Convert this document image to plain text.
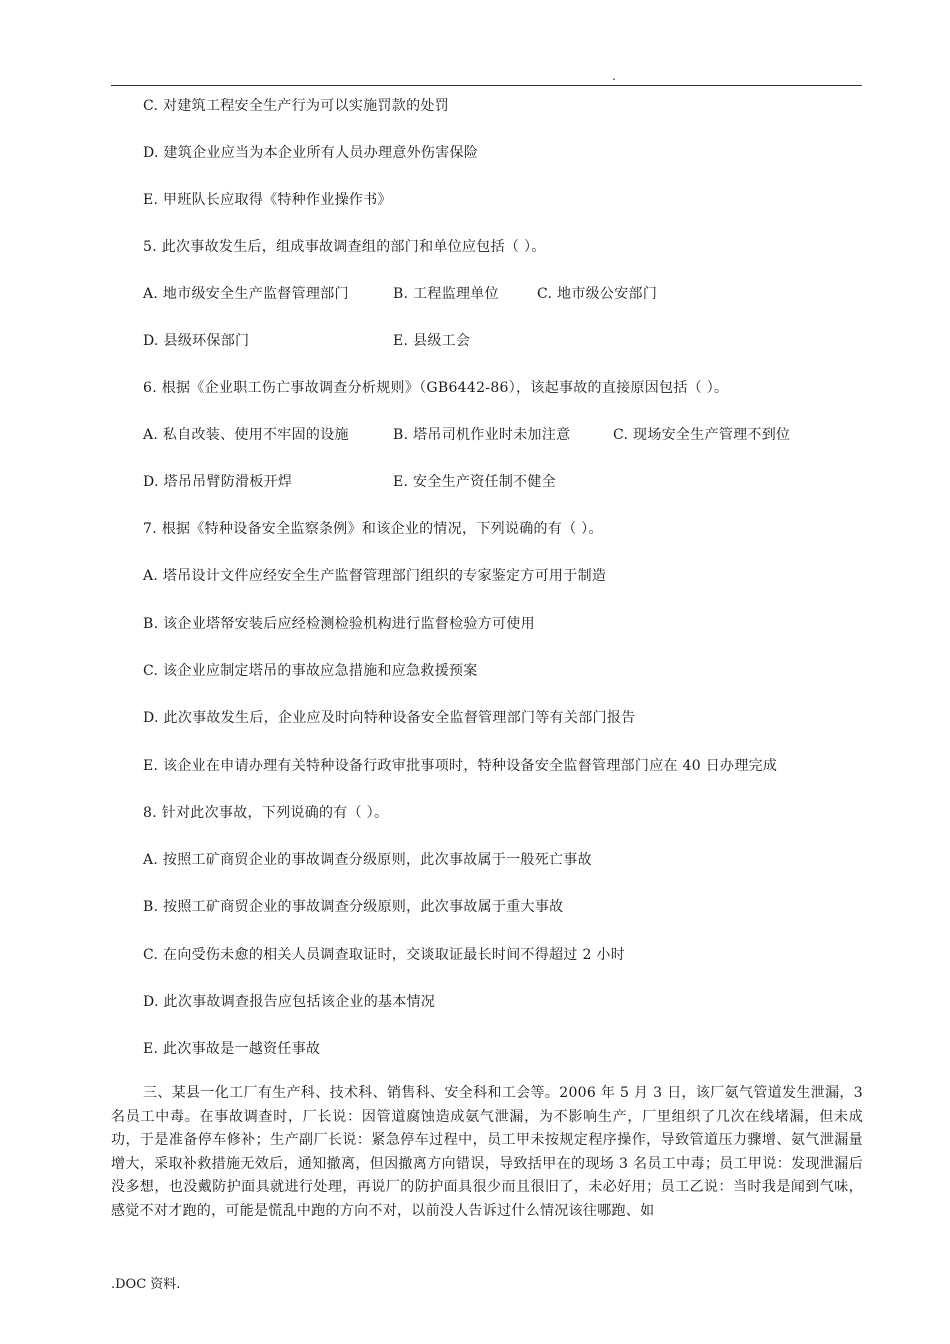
.
C. 对建筑工程安全生产行为可以实施罚款的处罚
D. 建筑企业应当为本企业所有人员办理意外伤害保险
E. 甲班队长应取得《特种作业操作书》
5. 此次事故发生后，组成事故调查组的部门和单位应包括（ ）。
A. 地市级安全生产监督管理部门	B. 工程监理单位	C. 地市级公安部门
D. 县级环保部门	E. 县级工会
6. 根据《企业职工伤亡事故调查分析规则》（GB6442-86），该起事故的直接原因包括（ ）。
A. 私自改装、使用不牢固的设施	B. 塔吊司机作业时未加注意	C. 现场安全生产管理不到位
D. 塔吊吊臂防滑板开焊	E. 安全生产资任制不健全
7. 根据《特种设备安全监察条例》和该企业的情况，下列说确的有（ ）。
A. 塔吊设计文件应经安全生产监督管理部门组织的专家鉴定方可用于制造
B. 该企业塔帑安装后应经检测检验机构进行监督检验方可使用
C. 该企业应制定塔吊的事故应急措施和应急救援预案
D. 此次事故发生后，企业应及时向特种设备安全监督管理部门等有关部门报告
E. 该企业在申请办理有关特种设备行政审批事项时，特种设备安全监督管理部门应在 40 日办理完成
8. 针对此次事故，下列说确的有（ ）。
A. 按照工矿商贸企业的事故调查分级原则，此次事故属于一般死亡事故
B. 按照工矿商贸企业的事故调查分级原则，此次事故属于重大事故
C. 在向受伤未愈的相关人员调查取证时，交谈取证最长时间不得超过 2 小时
D. 此次事故调查报告应包括该企业的基本情况
E. 此次事故是一越资任事故
三、某县一化工厂有生产科、技术科、销售科、安全科和工会等。2006 年 5 月 3 日，该厂氨气管道发生泄漏，3 名员工中毒。在事故调查时，厂长说：因管道腐蚀造成氨气泄漏，为不影响生产，厂里组织了几次在线堵漏，但未成功，于是准备停车修补；生产副厂长说：紧急停车过程中，员工甲未按规定程序操作，导致管道压力骤增、氨气泄漏量增大，采取补救措施无效后，通知撤离，但因撤离方向错误，导致括甲在的现场 3 名员工中毒；员工甲说：发现泄漏后没多想，也没戴防护面具就进行处理，再说厂的防护面具很少而且很旧了，未必好用；员工乙说：当时我是闻到气味，感觉不对才跑的，可能是慌乱中跑的方向不对，以前没人告诉过什么情况该往哪跑、如
.DOC 资料.
